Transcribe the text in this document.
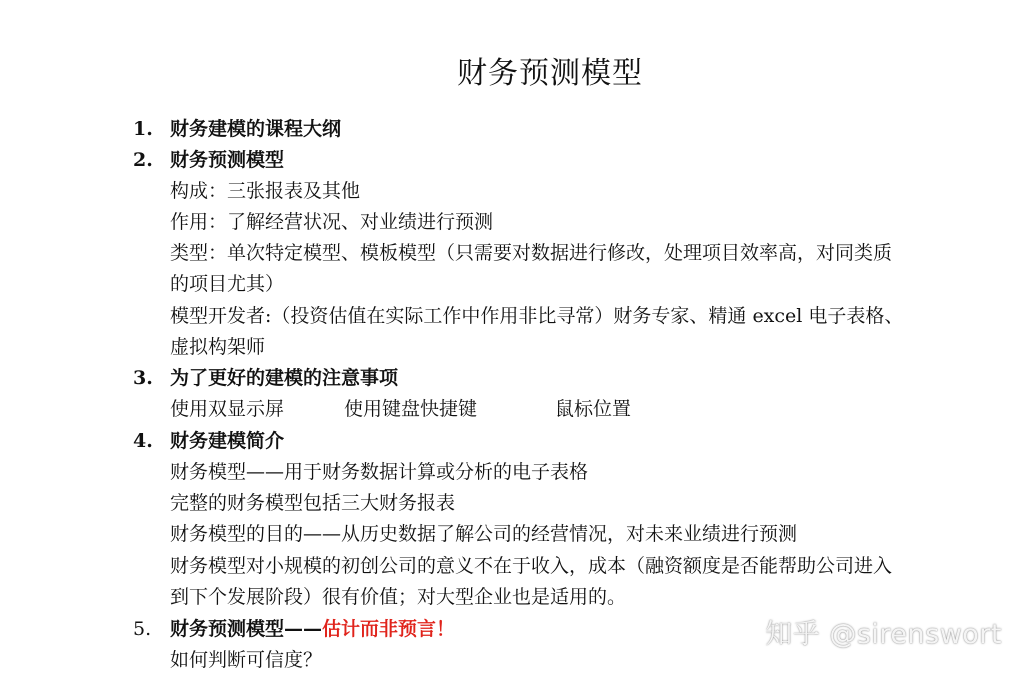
财务预测模型
1. 财务建模的课程大纲
2. 财务预测模型
构成：三张报表及其他
作用：了解经营状况、对业绩进行预测
类型：单次特定模型、模板模型（只需要对数据进行修改，处理项目效率高，对同类质
的项目尤其）
模型开发者:（投资估值在实际工作中作用非比寻常）财务专家、精通 excel 电子表格、
虚拟构架师
3. 为了更好的建模的注意事项
使用双显示屏	使用键盘快捷键	鼠标位置
4. 财务建模简介
财务模型——用于财务数据计算或分析的电子表格
完整的财务模型包括三大财务报表
财务模型的目的——从历史数据了解公司的经营情况，对未来业绩进行预测
财务模型对小规模的初创公司的意义不在于收入，成本（融资额度是否能帮助公司进入
到下个发展阶段）很有价值；对大型企业也是适用的。
5. 财务预测模型——估计而非预言！
如何判断可信度？
知乎 @sirenswort
